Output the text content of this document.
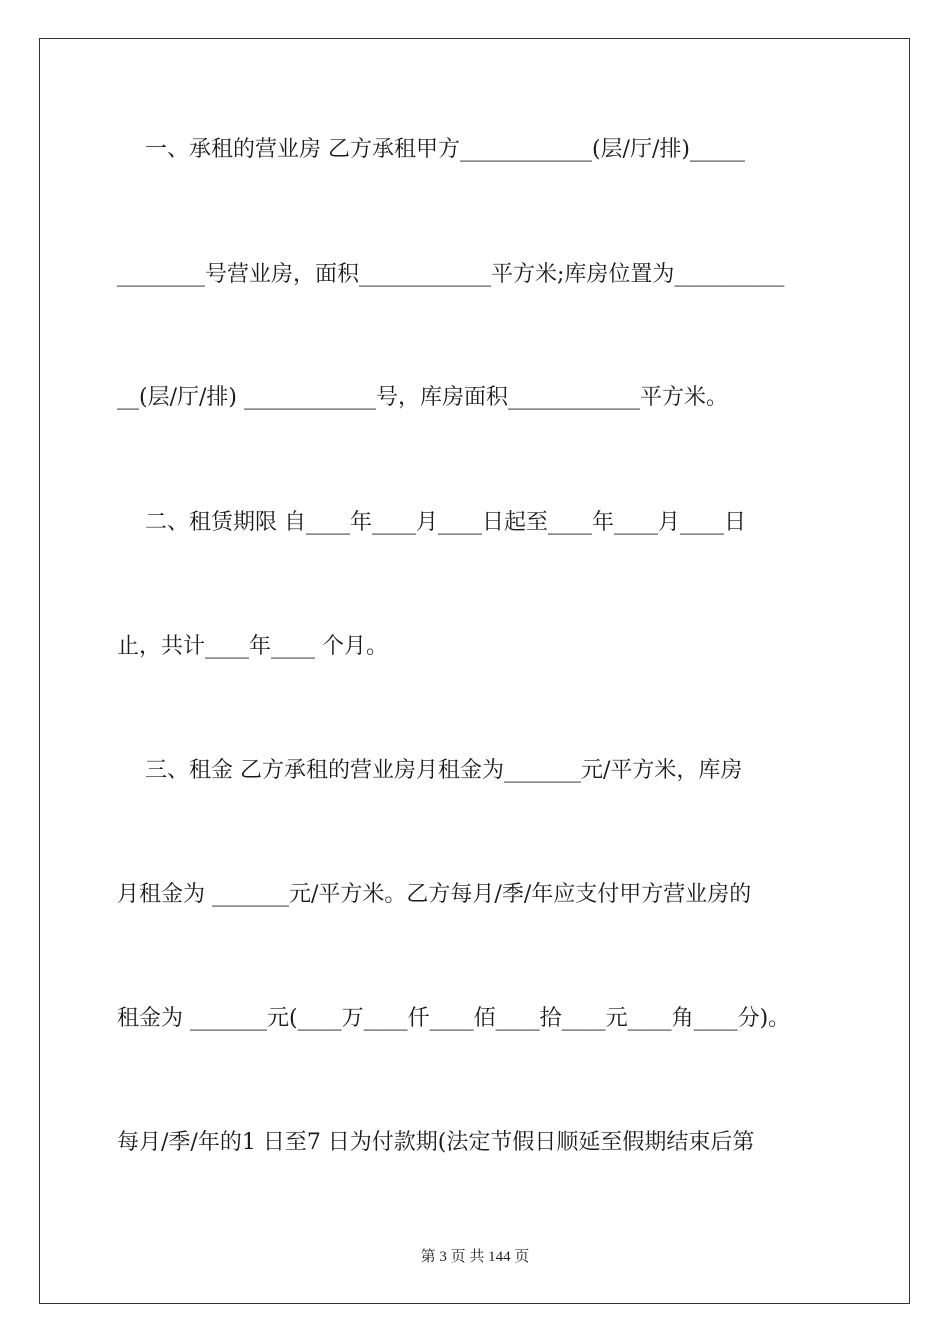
一、承租的营业房 乙方承租甲方____________(层/厅/排)_____
________号营业房，面积____________平方米;库房位置为__________
__(层/厅/排) ____________号，库房面积____________平方米。
二、租赁期限 自____年____月____日起至____年____月____日
止，共计____年____ 个月。
三、租金 乙方承租的营业房月租金为_______元/平方米，库房
月租金为 _______元/平方米。乙方每月/季/年应支付甲方营业房的
租金为 _______元(____万____仟____佰____拾____元____角____分)。
每月/季/年的1 日至7 日为付款期(法定节假日顺延至假期结束后第
第 3 页 共 144 页
